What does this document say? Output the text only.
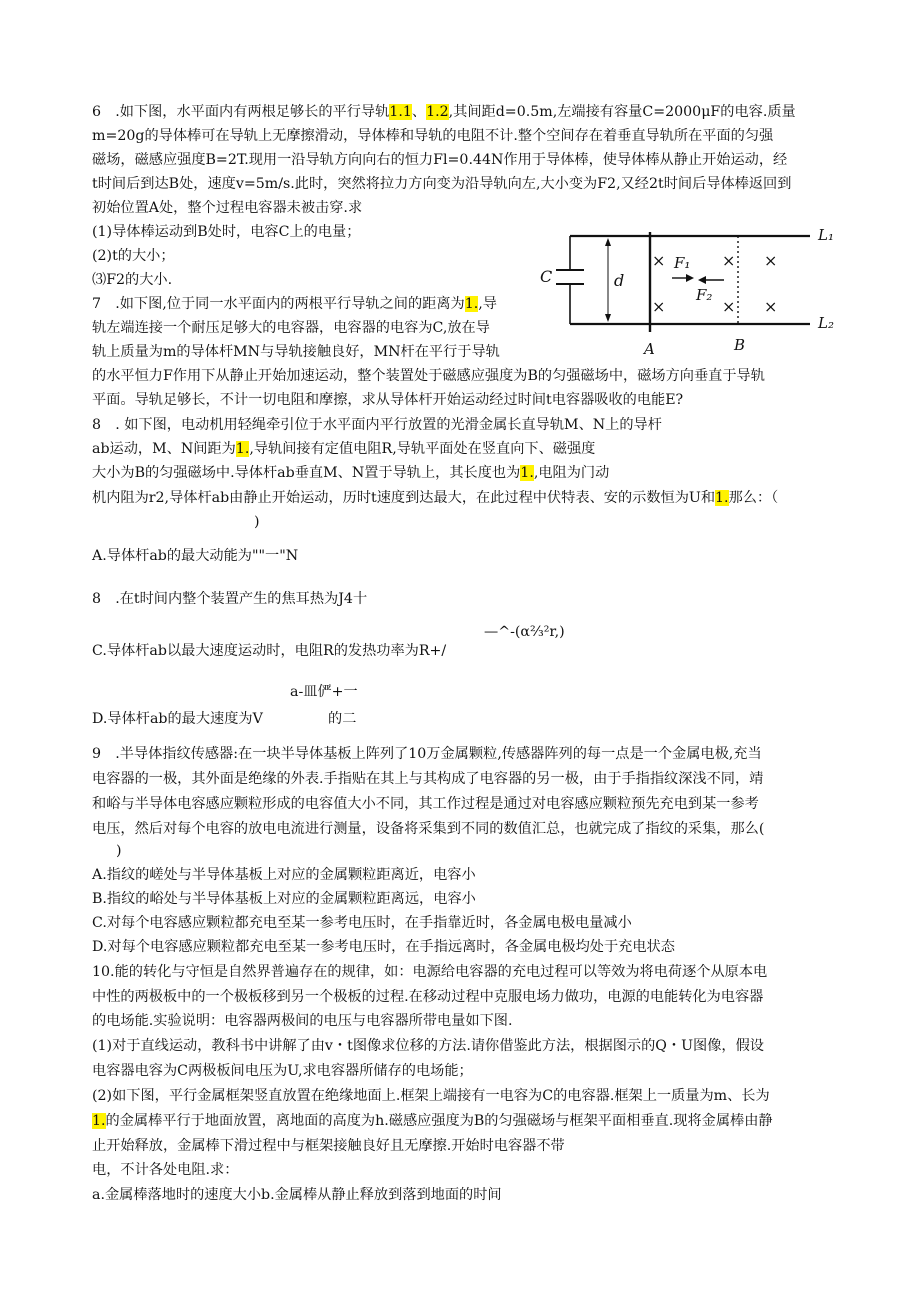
6　.如下图，水平面内有两根足够长的平行导轨1.1、1.2,其间距d=0.5m,左端接有容量C=2000μF的电容.质量
m=20g的导体棒可在导轨上无摩擦滑动，导体棒和导轨的电阻不计.整个空间存在着垂直导轨所在平面的匀强
磁场，磁感应强度B=2T.现用一沿导轨方向向右的恒力Fl=0.44N作用于导体棒，使导体棒从静止开始运动，经
t时间后到达B处，速度v=5m/s.此时，突然将拉力方向变为沿导轨向左,大小变为F2,又经2t时间后导体棒返回到
初始位置A处，整个过程电容器未被击穿.求
(1)导体棒运动到B处时，电容C上的电量；
(2)t的大小；
⑶F2的大小.
L₁
L₂
C	d
F₁
F₂
A	B
×
×
×
×
×
×
7　.如下图,位于同一水平面内的两根平行导轨之间的距离为1.,导
轨左端连接一个耐压足够大的电容器，电容器的电容为C,放在导
轨上质量为m的导体杆MN与导轨接触良好，MN杆在平行于导轨
的水平恒力F作用下从静止开始加速运动，整个装置处于磁感应强度为B的匀强磁场中，磁场方向垂直于导轨
平面。导轨足够长，不计一切电阻和摩擦，求从导体杆开始运动经过时间t电容器吸收的电能E?
8　. 如下图，电动机用轻绳牵引位于水平面内平行放置的光滑金属长直导轨M、N上的导杆
ab运动，M、N间距为1.,导轨间接有定值电阻R,导轨平面处在竖直向下、磁强度
大小为B的匀强磁场中.导体杆ab垂直M、N置于导轨上，其长度也为1.,电阻为门动
机内阻为r2,导体杆ab由静止开始运动，历时t速度到达最大，在此过程中伏特表、安的示数恒为U和1.那么：（
)
A.导体杆ab的最大动能为""一"N
8　.在t时间内整个装置产生的焦耳热为J4十
—^-(α⅔²r,)
C.导体杆ab以最大速度运动时，电阻R的发热功率为R+/
a-皿俨+一
D.导体杆ab的最大速度为V	的二
9　.半导体指纹传感器:在一块半导体基板上阵列了10万金属颗粒,传感器阵列的每一点是一个金属电极,充当
电容器的一极，其外面是绝缘的外表.手指贴在其上与其构成了电容器的另一极，由于手指指纹深浅不同，靖
和峪与半导体电容感应颗粒形成的电容值大小不同，其工作过程是通过对电容感应颗粒预先充电到某一参考
电压，然后对每个电容的放电电流进行测量，设备将采集到不同的数值汇总，也就完成了指纹的采集，那么(
)
A.指纹的嵯处与半导体基板上对应的金属颗粒距离近，电容小
B.指纹的峪处与半导体基板上对应的金属颗粒距离远，电容小
C.对每个电容感应颗粒都充电至某一参考电压时，在手指靠近时，各金属电极电量减小
D.对每个电容感应颗粒都充电至某一参考电压时，在手指远离时，各金属电极均处于充电状态
10.能的转化与守恒是自然界普遍存在的规律，如：电源给电容器的充电过程可以等效为将电荷逐个从原本电
中性的两极板中的一个极板移到另一个极板的过程.在移动过程中克服电场力做功，电源的电能转化为电容器
的电场能.实验说明：电容器两极间的电压与电容器所带电量如下图.
(1)对于直线运动，教科书中讲解了由v・t图像求位移的方法.请你借鉴此方法，根据图示的Q・U图像，假设
电容器电容为C两极板间电压为U,求电容器所储存的电场能；
(2)如下图，平行金属框架竖直放置在绝缘地面上.框架上端接有一电容为C的电容器.框架上一质量为m、长为
1.的金属棒平行于地面放置，离地面的高度为h.磁感应强度为B的匀强磁场与框架平面相垂直.现将金属棒由静
止开始释放，金属棒下滑过程中与框架接触良好且无摩擦.开始时电容器不带
电，不计各处电阻.求：
a.金属棒落地时的速度大小b.金属棒从静止释放到落到地面的时间
